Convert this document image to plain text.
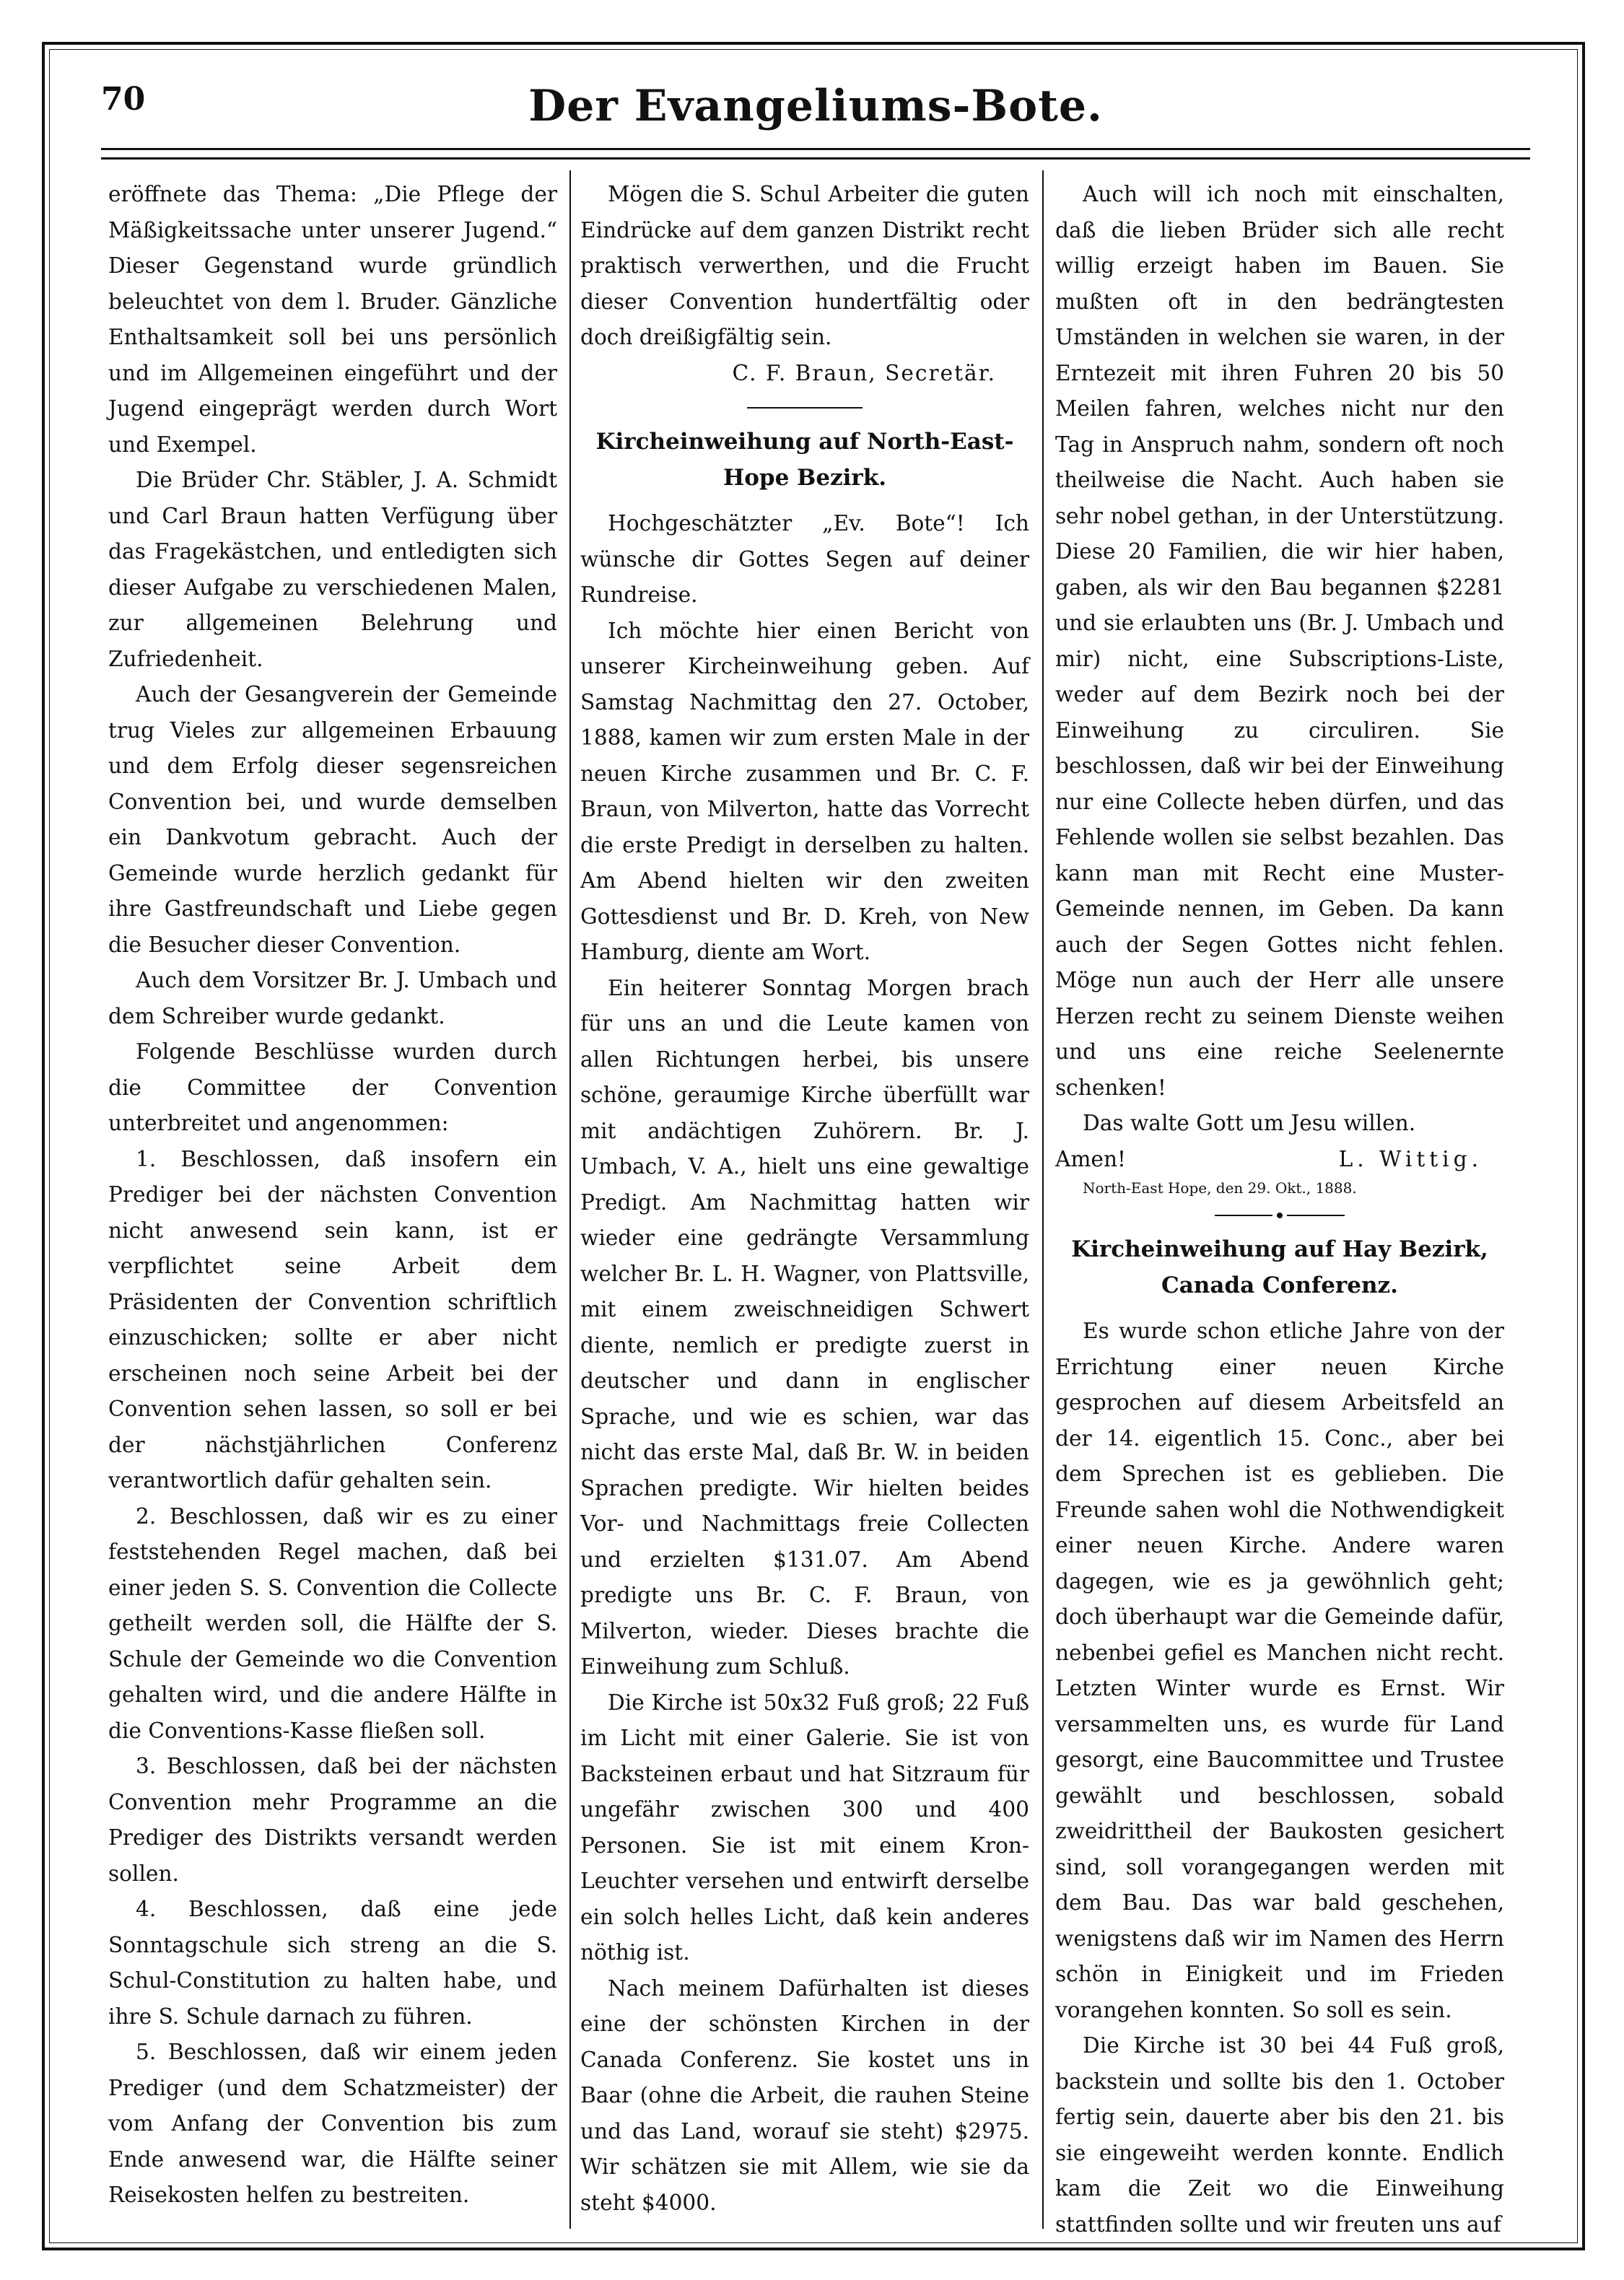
Der Evangeliums-Bote.
70

eröffnete das Thema: „Die Pflege der Mäßigkeitssache unter unserer Jugend.“ Dieser Gegenstand wurde gründlich beleuchtet von dem l. Bruder. Gänzliche Enthaltsamkeit soll bei uns persönlich und im Allgemeinen eingeführt und der Jugend eingeprägt werden durch Wort und Exempel.

Die Brüder Chr. Stäbler, J. A. Schmidt und Carl Braun hatten Verfügung über das Fragekästchen, und entledigten sich dieser Aufgabe zu verschiedenen Malen, zur allgemeinen Belehrung und Zufriedenheit.

Auch der Gesangverein der Gemeinde trug Vieles zur allgemeinen Erbauung und dem Erfolg dieser segensreichen Convention bei, und wurde demselben ein Dankvotum gebracht. Auch der Gemeinde wurde herzlich gedankt für ihre Gastfreundschaft und Liebe gegen die Besucher dieser Convention.

Auch dem Vorsitzer Br. J. Umbach und dem Schreiber wurde gedankt.

Folgende Beschlüsse wurden durch die Committee der Convention unterbreitet und angenommen:

1. Beschlossen, daß insofern ein Prediger bei der nächsten Convention nicht anwesend sein kann, ist er verpflichtet seine Arbeit dem Präsidenten der Convention schriftlich einzuschicken; sollte er aber nicht erscheinen noch seine Arbeit bei der Convention sehen lassen, so soll er bei der nächstjährlichen Conferenz verantwortlich dafür gehalten sein.

2. Beschlossen, daß wir es zu einer feststehenden Regel machen, daß bei einer jeden S. S. Convention die Collecte getheilt werden soll, die Hälfte der S. Schule der Gemeinde wo die Convention gehalten wird, und die andere Hälfte in die Conventions-Kasse fließen soll.

3. Beschlossen, daß bei der nächsten Convention mehr Programme an die Prediger des Distrikts versandt werden sollen.

4. Beschlossen, daß eine jede Sonntagschule sich streng an die S. Schul-Constitution zu halten habe, und ihre S. Schule darnach zu führen.

5. Beschlossen, daß wir einem jeden Prediger (und dem Schatzmeister) der vom Anfang der Convention bis zum Ende anwesend war, die Hälfte seiner Reisekosten helfen zu bestreiten.

Mögen die S. Schul Arbeiter die guten Eindrücke auf dem ganzen Distrikt recht praktisch verwerthen, und die Frucht dieser Convention hundertfältig oder doch dreißigfältig sein.

C. F. Braun, Secretär.

Kircheinweihung auf North-East-Hope Bezirk.

Hochgeschätzter „Ev. Bote“! Ich wünsche dir Gottes Segen auf deiner Rundreise.

Ich möchte hier einen Bericht von unserer Kircheinweihung geben. Auf Samstag Nachmittag den 27. October, 1888, kamen wir zum ersten Male in der neuen Kirche zusammen und Br. C. F. Braun, von Milverton, hatte das Vorrecht die erste Predigt in derselben zu halten. Am Abend hielten wir den zweiten Gottesdienst und Br. D. Kreh, von New Hamburg, diente am Wort.

Ein heiterer Sonntag Morgen brach für uns an und die Leute kamen von allen Richtungen herbei, bis unsere schöne, geraumige Kirche überfüllt war mit andächtigen Zuhörern. Br. J. Umbach, V. A., hielt uns eine gewaltige Predigt. Am Nachmittag hatten wir wieder eine gedrängte Versammlung welcher Br. L. H. Wagner, von Plattsville, mit einem zweischneidigen Schwert diente, nemlich er predigte zuerst in deutscher und dann in englischer Sprache, und wie es schien, war das nicht das erste Mal, daß Br. W. in beiden Sprachen predigte. Wir hielten beides Vor- und Nachmittags freie Collecten und erzielten $131.07. Am Abend predigte uns Br. C. F. Braun, von Milverton, wieder. Dieses brachte die Einweihung zum Schluß.

Die Kirche ist 50x32 Fuß groß; 22 Fuß im Licht mit einer Galerie. Sie ist von Backsteinen erbaut und hat Sitzraum für ungefähr zwischen 300 und 400 Personen. Sie ist mit einem Kron-Leuchter versehen und entwirft derselbe ein solch helles Licht, daß kein anderes nöthig ist.

Nach meinem Dafürhalten ist dieses eine der schönsten Kirchen in der Canada Conferenz. Sie kostet uns in Baar (ohne die Arbeit, die rauhen Steine und das Land, worauf sie steht) $2975. Wir schätzen sie mit Allem, wie sie da steht $4000.

Auch will ich noch mit einschalten, daß die lieben Brüder sich alle recht willig erzeigt haben im Bauen. Sie mußten oft in den bedrängtesten Umständen in welchen sie waren, in der Erntezeit mit ihren Fuhren 20 bis 50 Meilen fahren, welches nicht nur den Tag in Anspruch nahm, sondern oft noch theilweise die Nacht. Auch haben sie sehr nobel gethan, in der Unterstützung. Diese 20 Familien, die wir hier haben, gaben, als wir den Bau begannen $2281 und sie erlaubten uns (Br. J. Umbach und mir) nicht, eine Subscriptions-Liste, weder auf dem Bezirk noch bei der Einweihung zu circuliren. Sie beschlossen, daß wir bei der Einweihung nur eine Collecte heben dürfen, und das Fehlende wollen sie selbst bezahlen. Das kann man mit Recht eine Muster-Gemeinde nennen, im Geben. Da kann auch der Segen Gottes nicht fehlen. Möge nun auch der Herr alle unsere Herzen recht zu seinem Dienste weihen und uns eine reiche Seelenernte schenken!

Das walte Gott um Jesu willen.

Amen!	L. Wittig.

North-East Hope, den 29. Okt., 1888.

Kircheinweihung auf Hay Bezirk, Canada Conferenz.

Es wurde schon etliche Jahre von der Errichtung einer neuen Kirche gesprochen auf diesem Arbeitsfeld an der 14. eigentlich 15. Conc., aber bei dem Sprechen ist es geblieben. Die Freunde sahen wohl die Nothwendigkeit einer neuen Kirche. Andere waren dagegen, wie es ja gewöhnlich geht; doch überhaupt war die Gemeinde dafür, nebenbei gefiel es Manchen nicht recht. Letzten Winter wurde es Ernst. Wir versammelten uns, es wurde für Land gesorgt, eine Baucommittee und Trustee gewählt und beschlossen, sobald zweidrittheil der Baukosten gesichert sind, soll vorangegangen werden mit dem Bau. Das war bald geschehen, wenigstens daß wir im Namen des Herrn schön in Einigkeit und im Frieden vorangehen konnten. So soll es sein.

Die Kirche ist 30 bei 44 Fuß groß, backstein und sollte bis den 1. October fertig sein, dauerte aber bis den 21. bis sie eingeweiht werden konnte. Endlich kam die Zeit wo die Einweihung stattfinden sollte und wir freuten uns auf
